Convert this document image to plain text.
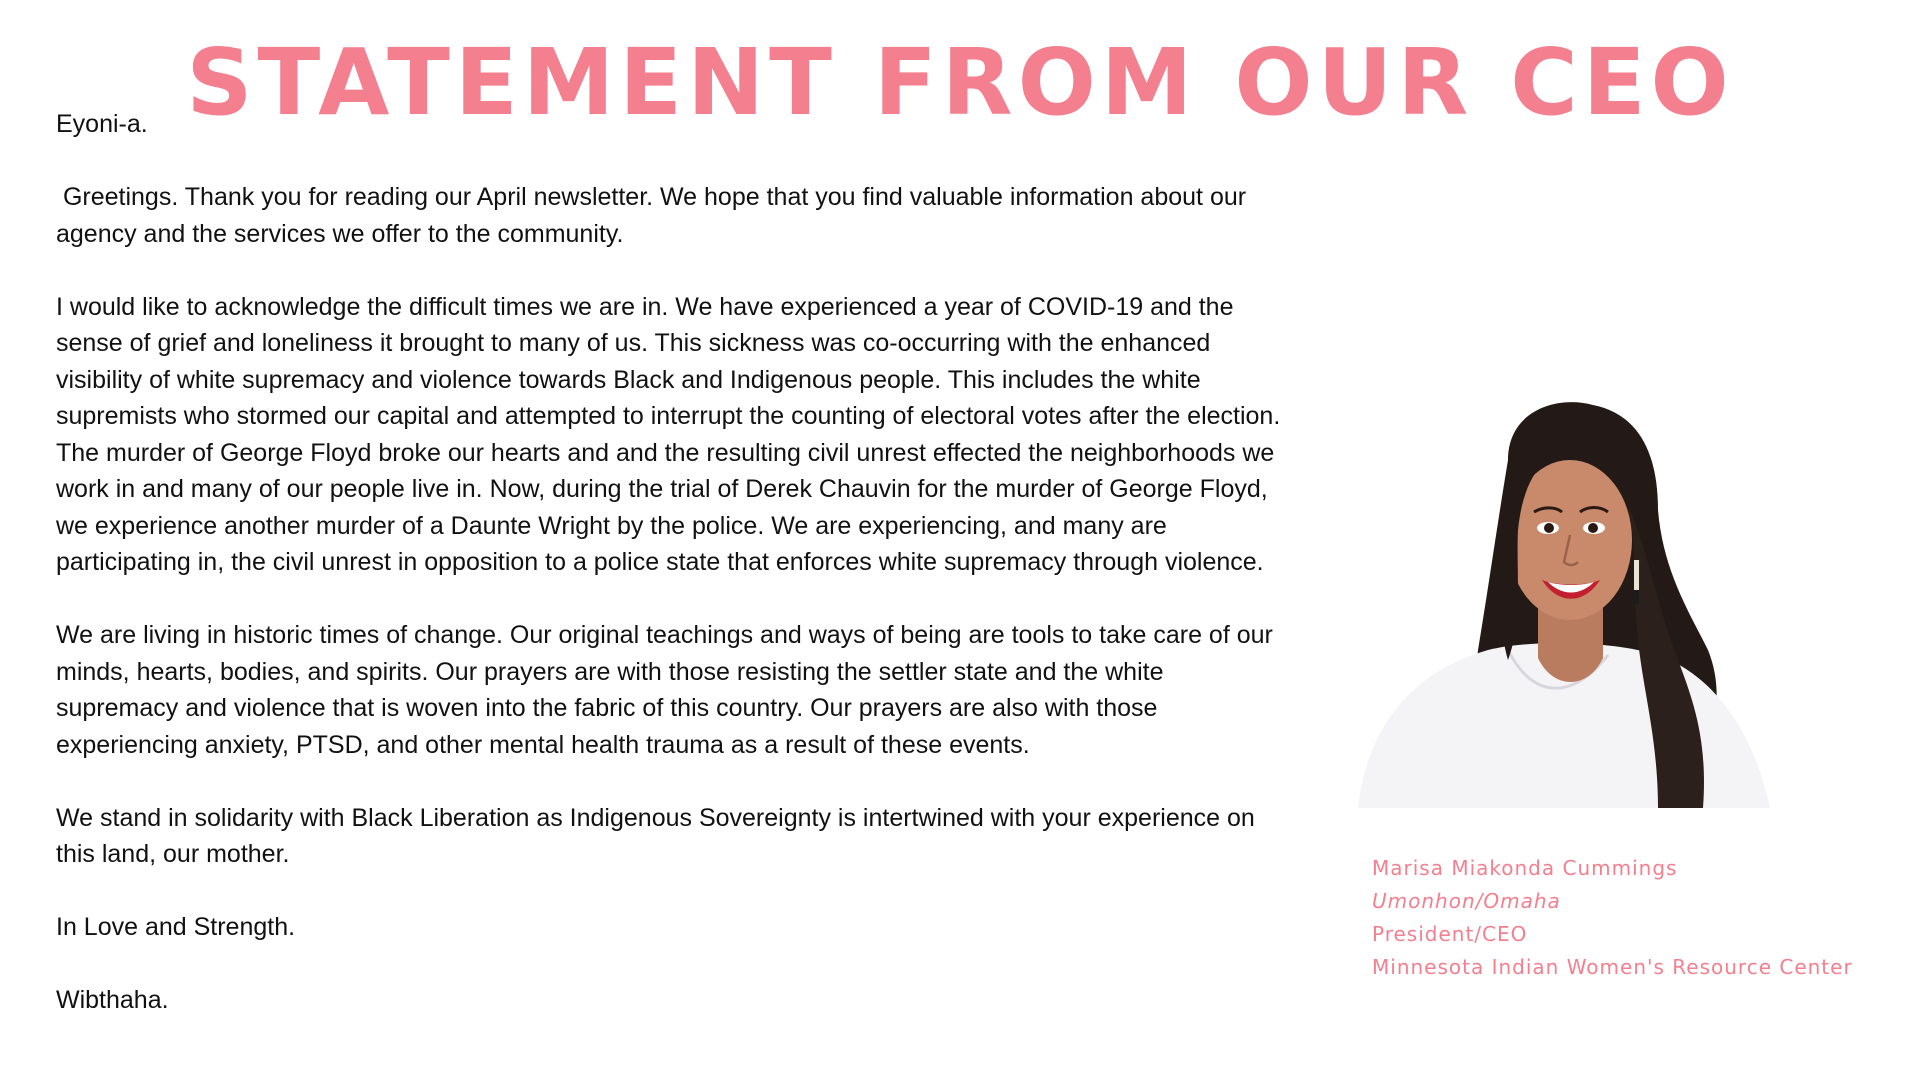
STATEMENT FROM OUR CEO

Eyoni-a.

Greetings. Thank you for reading our April newsletter. We hope that you find valuable information about our agency and the services we offer to the community.

I would like to acknowledge the difficult times we are in. We have experienced a year of COVID-19 and the sense of grief and loneliness it brought to many of us. This sickness was co-occurring with the enhanced visibility of white supremacy and violence towards Black and Indigenous people. This includes the white supremists who stormed our capital and attempted to interrupt the counting of electoral votes after the election. The murder of George Floyd broke our hearts and and the resulting civil unrest effected the neighborhoods we work in and many of our people live in. Now, during the trial of Derek Chauvin for the murder of George Floyd, we experience another murder of a Daunte Wright by the police. We are experiencing, and many are participating in, the civil unrest in opposition to a police state that enforces white supremacy through violence.

We are living in historic times of change. Our original teachings and ways of being are tools to take care of our minds, hearts, bodies, and spirits. Our prayers are with those resisting the settler state and the white supremacy and violence that is woven into the fabric of this country. Our prayers are also with those experiencing anxiety, PTSD, and other mental health trauma as a result of these events.

We stand in solidarity with Black Liberation as Indigenous Sovereignty is intertwined with your experience on this land, our mother.

In Love and Strength.

Wibthaha.

Marisa Miakonda Cummings
Umonhon/Omaha
President/CEO
Minnesota Indian Women's Resource Center
